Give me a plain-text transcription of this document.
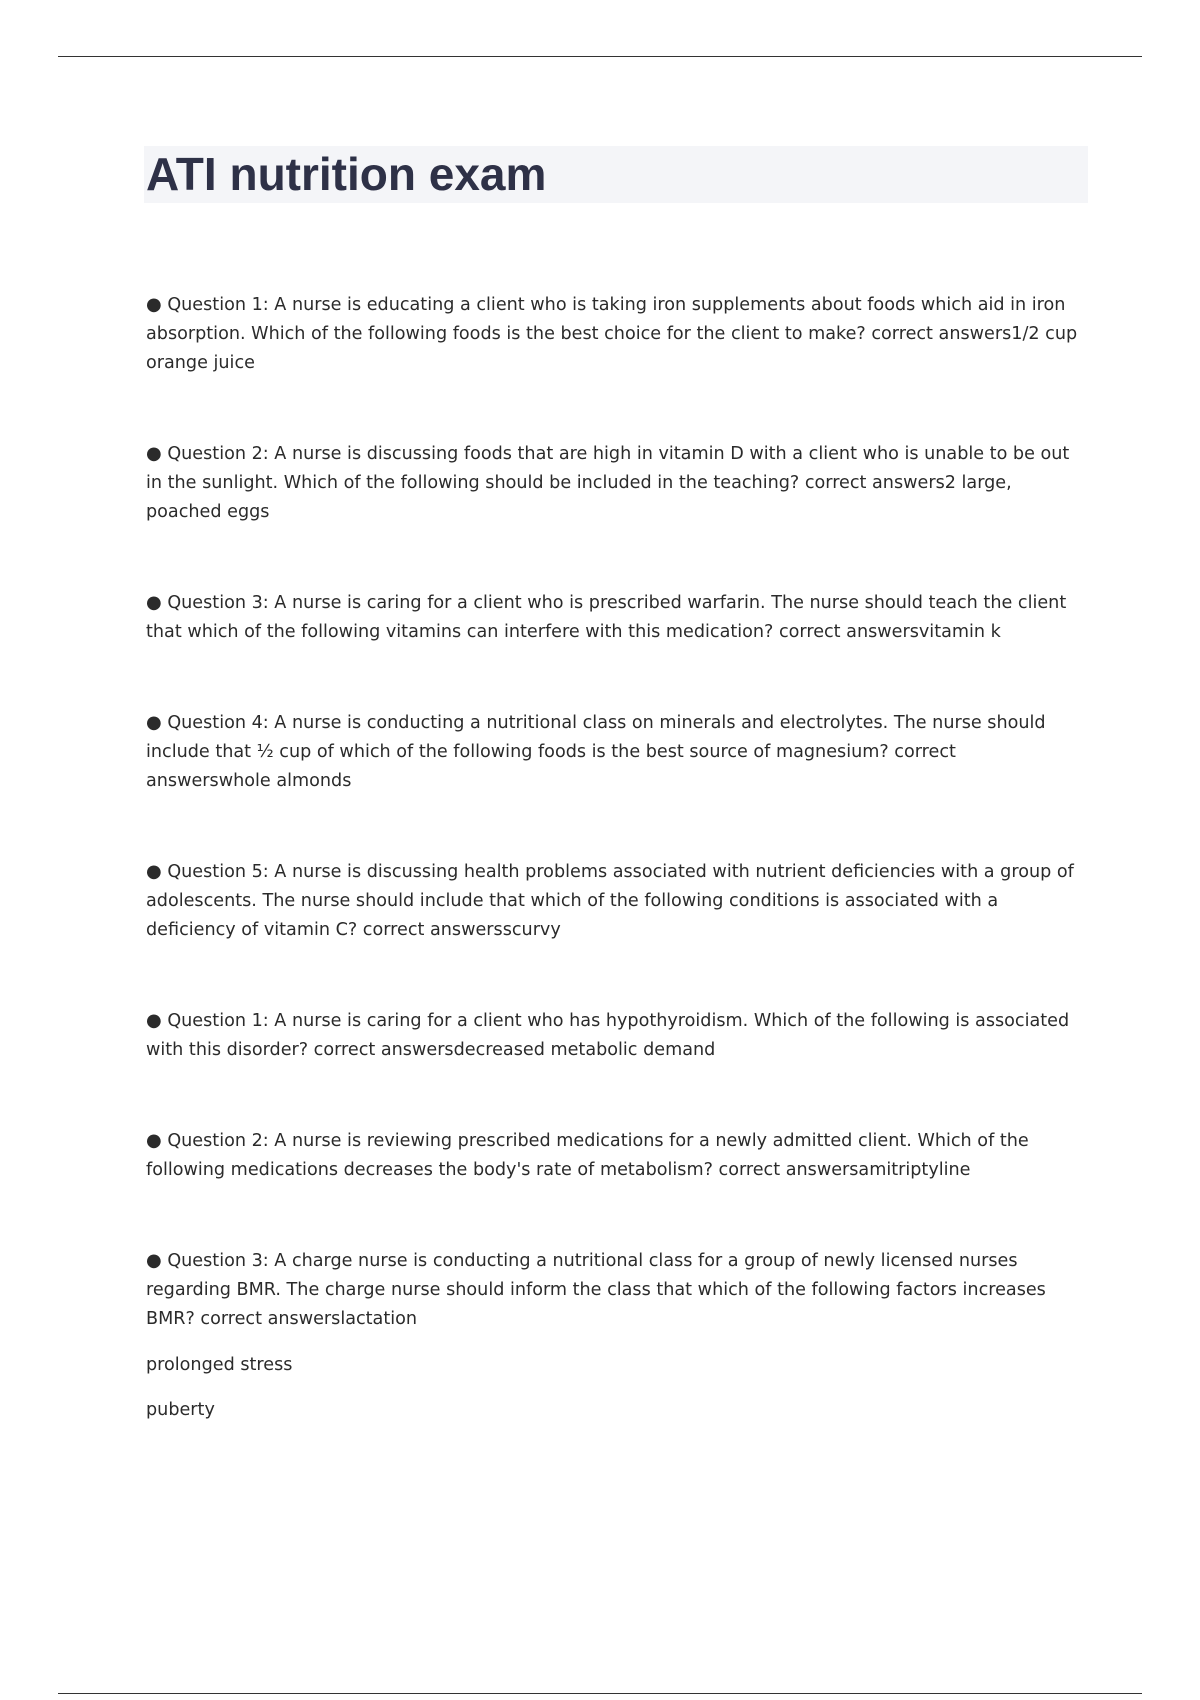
ATI nutrition exam

● Question 1: A nurse is educating a client who is taking iron supplements about foods which aid in iron absorption. Which of the following foods is the best choice for the client to make? correct answers1/2 cup orange juice

● Question 2: A nurse is discussing foods that are high in vitamin D with a client who is unable to be out in the sunlight. Which of the following should be included in the teaching? correct answers2 large, poached eggs

● Question 3: A nurse is caring for a client who is prescribed warfarin. The nurse should teach the client that which of the following vitamins can interfere with this medication? correct answersvitamin k

● Question 4: A nurse is conducting a nutritional class on minerals and electrolytes. The nurse should include that ½ cup of which of the following foods is the best source of magnesium? correct answerswhole almonds

● Question 5: A nurse is discussing health problems associated with nutrient deficiencies with a group of adolescents. The nurse should include that which of the following conditions is associated with a deficiency of vitamin C? correct answersscurvy

● Question 1: A nurse is caring for a client who has hypothyroidism. Which of the following is associated with this disorder? correct answersdecreased metabolic demand

● Question 2: A nurse is reviewing prescribed medications for a newly admitted client. Which of the following medications decreases the body's rate of metabolism? correct answersamitriptyline

● Question 3: A charge nurse is conducting a nutritional class for a group of newly licensed nurses regarding BMR. The charge nurse should inform the class that which of the following factors increases BMR? correct answerslactation

prolonged stress

puberty
